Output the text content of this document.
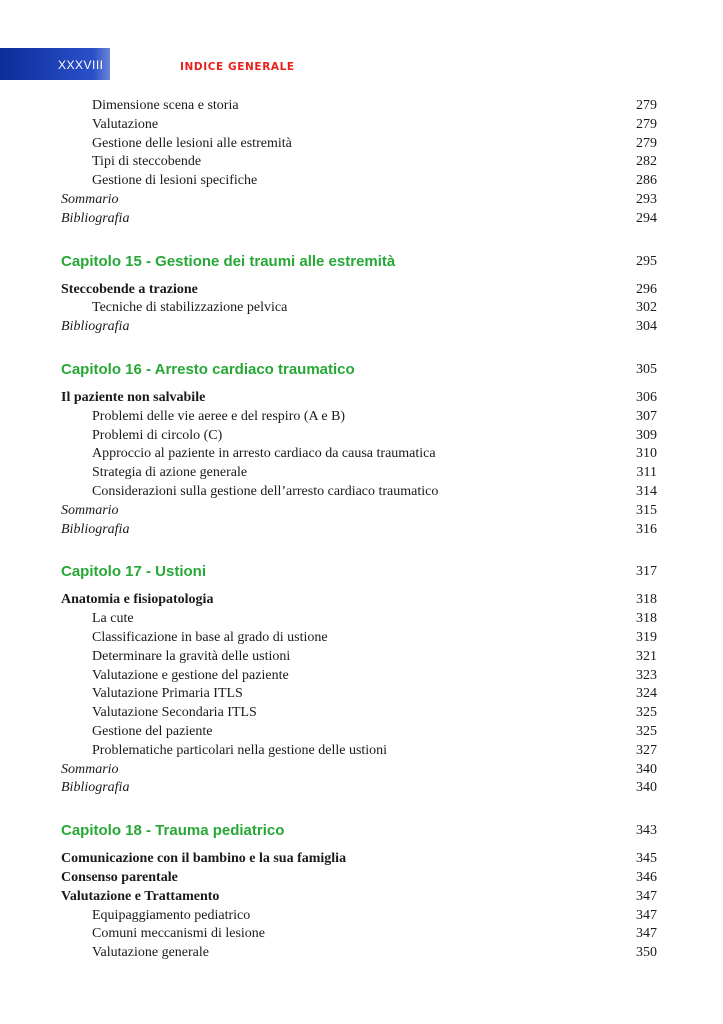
XXXVIII	INDICE GENERALE
Dimensione scena e storia	279
Valutazione	279
Gestione delle lesioni alle estremità	279
Tipi di steccobende	282
Gestione di lesioni specifiche	286
Sommario	293
Bibliografia	294
Capitolo 15 - Gestione dei traumi alle estremità	295
Steccobende a trazione	296
Tecniche di stabilizzazione pelvica	302
Bibliografia	304
Capitolo 16 - Arresto cardiaco traumatico	305
Il paziente non salvabile	306
Problemi delle vie aeree e del respiro (A e B)	307
Problemi di circolo (C)	309
Approccio al paziente in arresto cardiaco da causa traumatica	310
Strategia di azione generale	311
Considerazioni sulla gestione dell’arresto cardiaco traumatico	314
Sommario	315
Bibliografia	316
Capitolo 17 - Ustioni	317
Anatomia e fisiopatologia	318
La cute	318
Classificazione in base al grado di ustione	319
Determinare la gravità delle ustioni	321
Valutazione e gestione del paziente	323
Valutazione Primaria ITLS	324
Valutazione Secondaria ITLS	325
Gestione del paziente	325
Problematiche particolari nella gestione delle ustioni	327
Sommario	340
Bibliografia	340
Capitolo 18 - Trauma pediatrico	343
Comunicazione con il bambino e la sua famiglia	345
Consenso parentale	346
Valutazione e Trattamento	347
Equipaggiamento pediatrico	347
Comuni meccanismi di lesione	347
Valutazione generale	350
